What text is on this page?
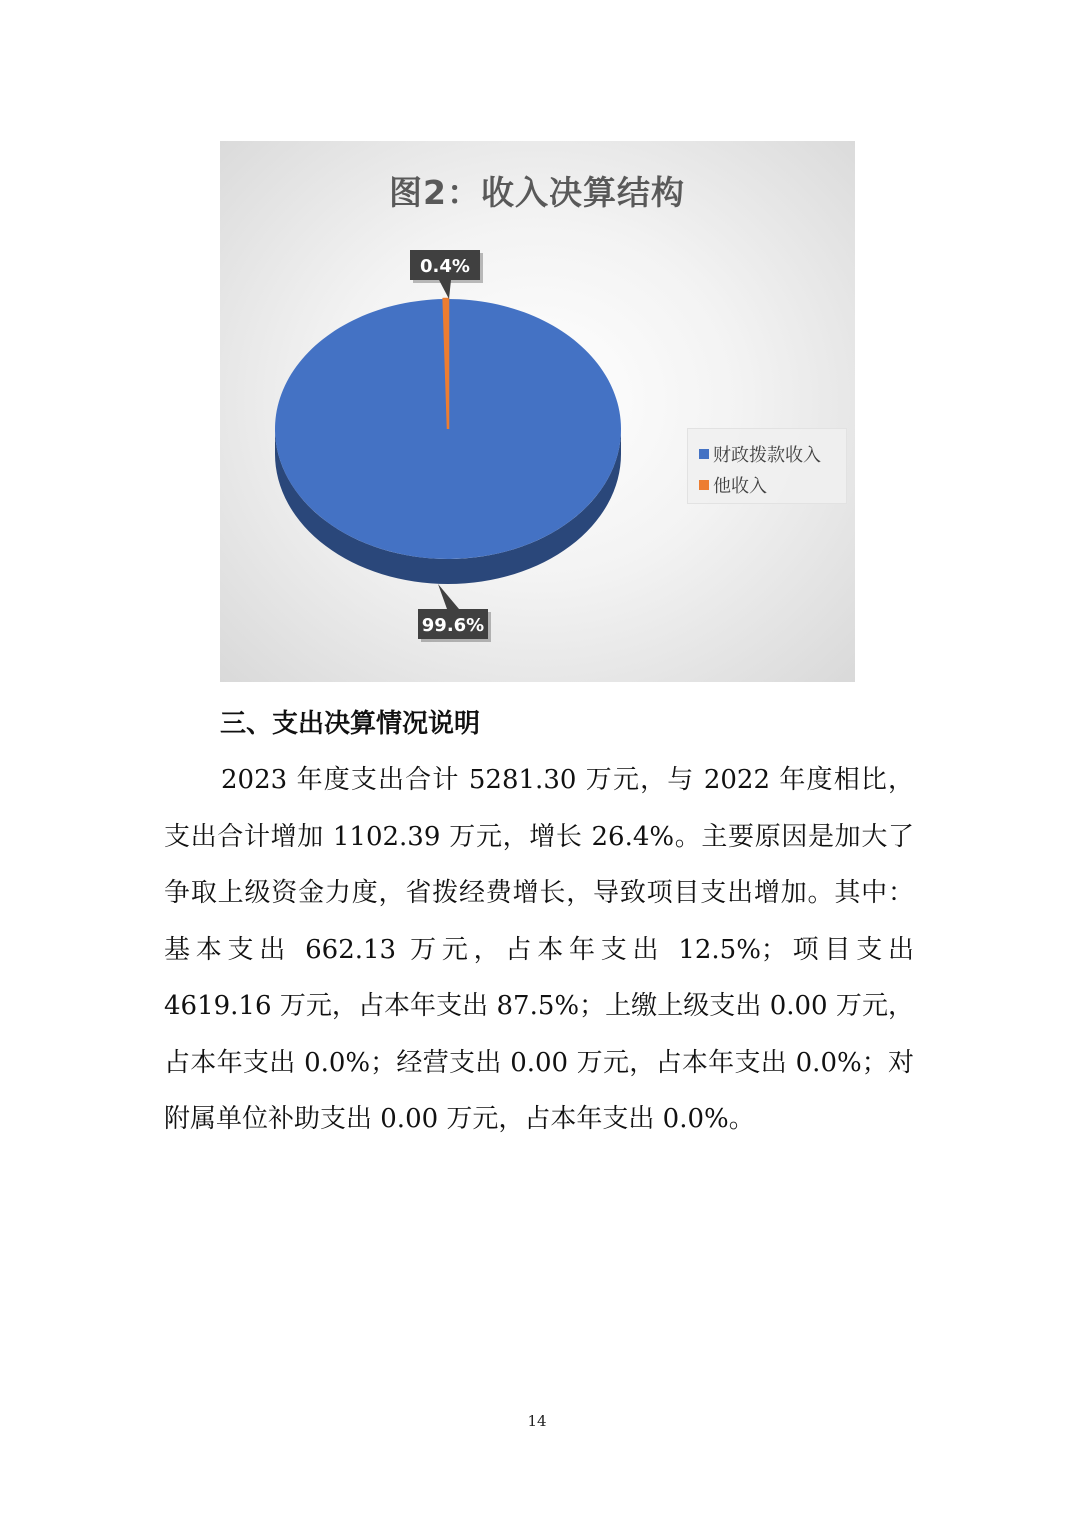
99.6%
0.4%
财政拨款收入
他收入
图2：收入决算结构
三、支出决算情况说明

2023 年度支出合计 5281.30 万元，与 2022 年度相比，支出合计增加 1102.39 万元，增长 26.4%。主要原因是加大了争取上级资金力度，省拨经费增长，导致项目支出增加。其中：基本支出 662.13 万元，占本年支出 12.5%；项目支出 4619.16 万元，占本年支出 87.5%；上缴上级支出 0.00 万元，占本年支出 0.0%；经营支出 0.00 万元，占本年支出 0.0%；对附属单位补助支出 0.00 万元，占本年支出 0.0%。

14
